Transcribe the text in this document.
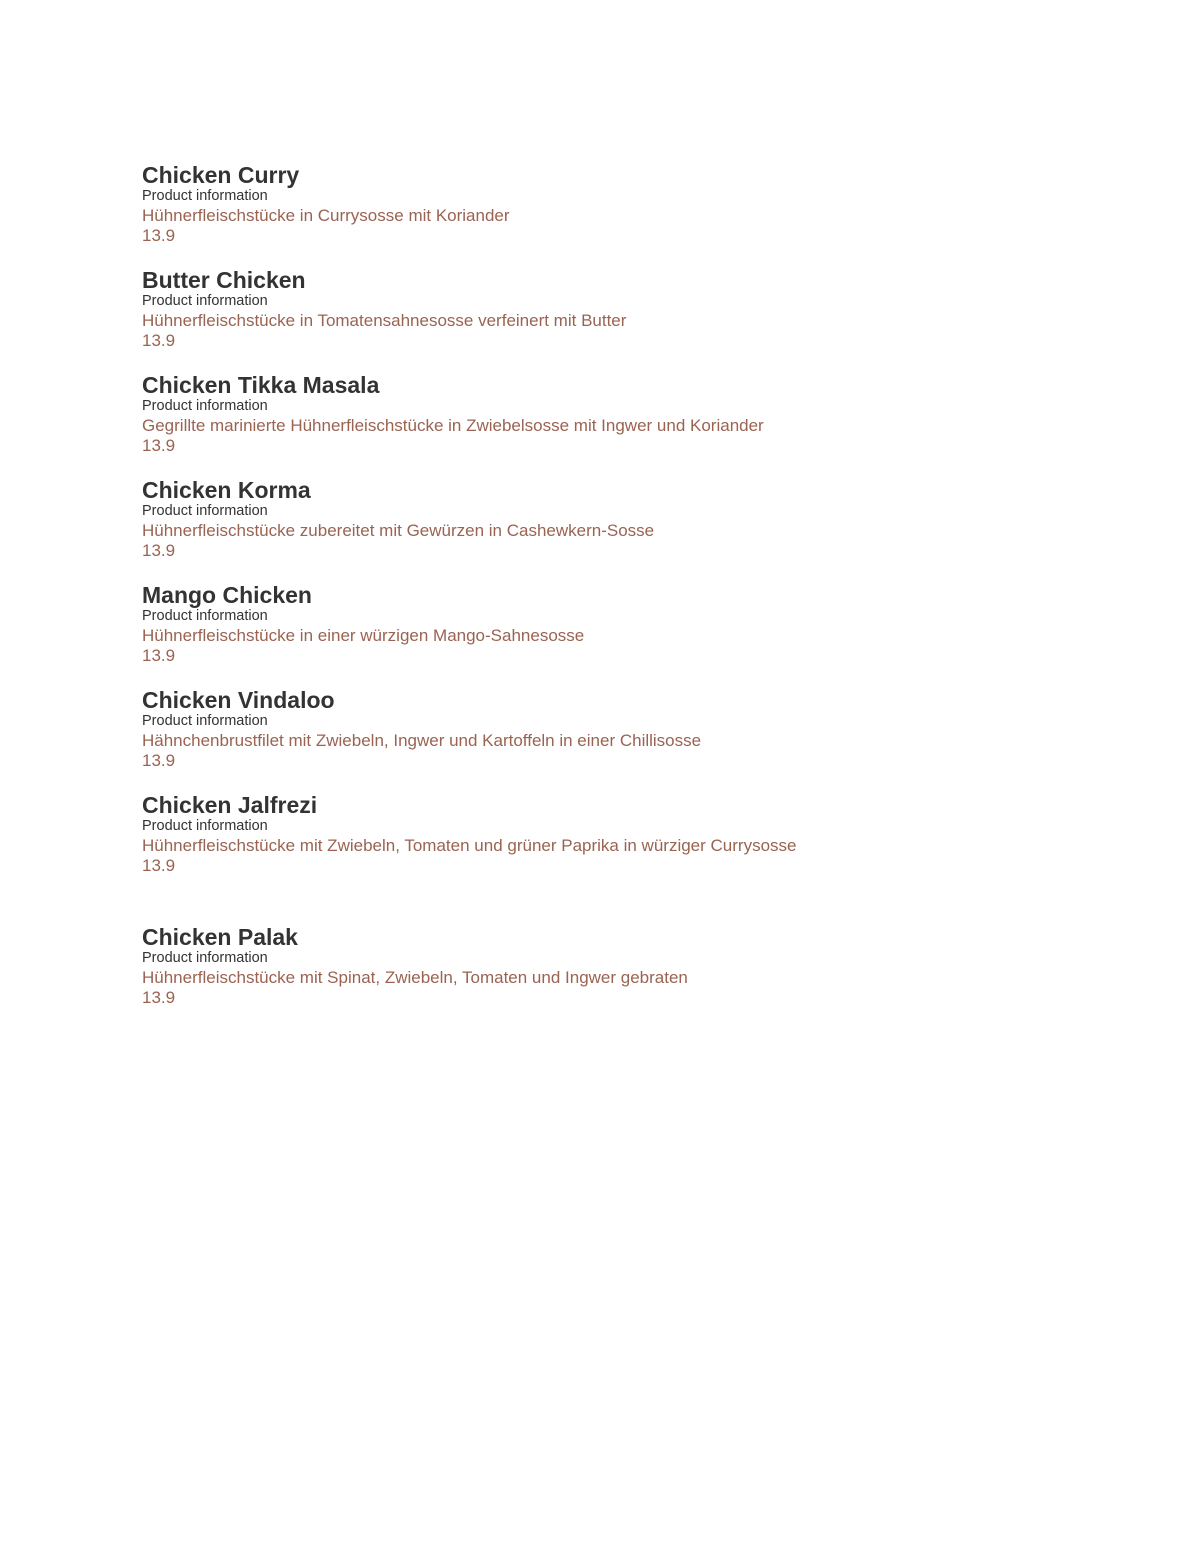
Chicken Curry
Product information
Hühnerfleischstücke in Currysosse mit Koriander
13.9
Butter Chicken
Product information
Hühnerfleischstücke in Tomatensahnesosse verfeinert mit Butter
13.9
Chicken Tikka Masala
Product information
Gegrillte marinierte Hühnerfleischstücke in Zwiebelsosse mit Ingwer und Koriander
13.9
Chicken Korma
Product information
Hühnerfleischstücke zubereitet mit Gewürzen in Cashewkern-Sosse
13.9
Mango Chicken
Product information
Hühnerfleischstücke in einer würzigen Mango-Sahnesosse
13.9
Chicken Vindaloo
Product information
Hähnchenbrustfilet mit Zwiebeln, Ingwer und Kartoffeln in einer Chillisosse
13.9
Chicken Jalfrezi
Product information
Hühnerfleischstücke mit Zwiebeln, Tomaten und grüner Paprika in würziger Currysosse
13.9
Chicken Palak
Product information
Hühnerfleischstücke mit Spinat, Zwiebeln, Tomaten und Ingwer gebraten
13.9
